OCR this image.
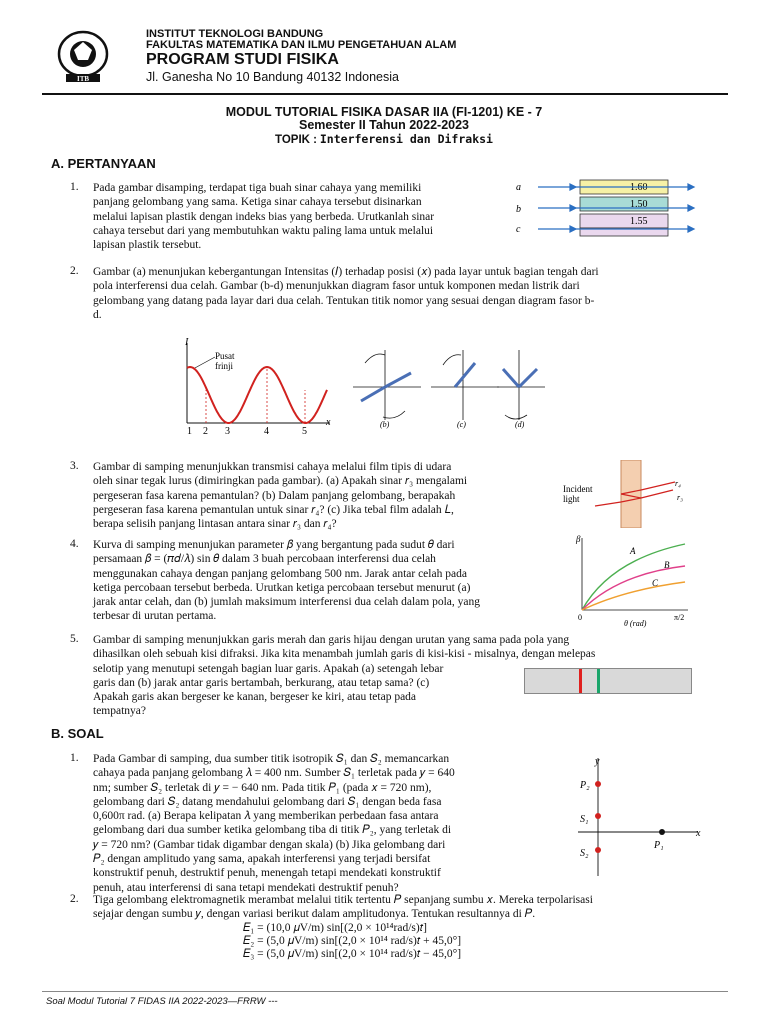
ITB
INSTITUT TEKNOLOGI BANDUNG
FAKULTAS MATEMATIKA DAN ILMU PENGETAHUAN ALAM
PROGRAM STUDI FISIKA
Jl. Ganesha No 10 Bandung 40132 Indonesia
MODUL TUTORIAL FISIKA DASAR IIA (FI-1201) KE - 7
Semester II Tahun 2022-2023
TOPIK : Interferensi dan Difraksi
A. PERTANYAAN
1. Pada gambar disamping, terdapat tiga buah sinar cahaya yang memiliki
panjang gelombang yang sama. Ketiga sinar cahaya tersebut disinarkan
melalui lapisan plastik dengan indeks bias yang berbeda. Urutkanlah sinar
cahaya tersebut dari yang membutuhkan waktu paling lama untuk melalui
lapisan plastik tersebut.
1.60
1.50
1.55
a
b
c
2. Gambar (a) menunjukan kebergantungan Intensitas (𝐼) terhadap posisi (𝑥) pada layar untuk bagian tengah dari
pola interferensi dua celah. Gambar (b-d) menunjukkan diagram fasor untuk komponen medan listrik dari
gelombang yang datang pada layar dari dua celah. Tentukan titik nomor yang sesuai dengan diagram fasor b-
d.
I
x
Pusat frinji
1 2 3	4	5
(b)	(c)	(d)
3. Gambar di samping menunjukkan transmisi cahaya melalui film tipis di udara
oleh sinar tegak lurus (dimiringkan pada gambar). (a) Apakah sinar 𝑟₃ mengalami
pergeseran fasa karena pemantulan? (b) Dalam panjang gelombang, berapakah
pergeseran fasa karena pemantulan untuk sinar 𝑟₄? (c) Jika tebal film adalah 𝐿,
berapa selisih panjang lintasan antara sinar 𝑟₃ dan 𝑟₄?
Incident light
r₄
r₃
4. Kurva di samping menunjukan parameter 𝛽 yang bergantung pada sudut 𝜃 dari
persamaan 𝛽 = (𝜋𝑑/𝜆) sin 𝜃 dalam 3 buah percobaan interferensi dua celah
menggunakan cahaya dengan panjang gelombang 500 nm. Jarak antar celah pada
ketiga percobaan tersebut berbeda. Urutkan ketiga percobaan tersebut menurut (a)
jarak antar celah, dan (b) jumlah maksimum interferensi dua celah dalam pola, yang
terbesar di urutan pertama.
β
0	π/2
θ (rad)
A
B
C
5. Gambar di samping menunjukkan garis merah dan garis hijau dengan urutan yang sama pada pola yang
dihasilkan oleh sebuah kisi difraksi. Jika kita menambah jumlah garis di kisi-kisi - misalnya, dengan melepas
selotip yang menutupi setengah bagian luar garis. Apakah (a) setengah lebar
garis dan (b) jarak antar garis bertambah, berkurang, atau tetap sama? (c)
Apakah garis akan bergeser ke kanan, bergeser ke kiri, atau tetap pada
tempatnya?
B. SOAL
1. Pada Gambar di samping, dua sumber titik isotropik 𝑆₁ dan 𝑆₂ memancarkan
cahaya pada panjang gelombang 𝜆 = 400 nm. Sumber 𝑆₁ terletak pada 𝑦 = 640
nm; sumber 𝑆₂ terletak di 𝑦 = − 640 nm. Pada titik 𝑃₁ (pada 𝑥 = 720 nm),
gelombang dari 𝑆₂ datang mendahului gelombang dari 𝑆₁ dengan beda fasa
0,600π rad. (a) Berapa kelipatan 𝜆 yang memberikan perbedaan fasa antara
gelombang dari dua sumber ketika gelombang tiba di titik 𝑃₂, yang terletak di
𝑦 = 720 nm? (Gambar tidak digambar dengan skala) (b) Jika gelombang dari
𝑃₂ dengan amplitudo yang sama, apakah interferensi yang terjadi bersifat
konstruktif penuh, destruktif penuh, menengah tetapi mendekati konstruktif
penuh, atau interferensi di sana tetapi mendekati destruktif penuh?
y
x
P₂
S₁
S₂
P₁
2. Tiga gelombang elektromagnetik merambat melalui titik tertentu 𝑃 sepanjang sumbu 𝑥. Mereka terpolarisasi
sejajar dengan sumbu 𝑦, dengan variasi berikut dalam amplitudonya. Tentukan resultannya di 𝑃.
𝐸₁ = (10,0 𝜇V/m) sin[(2,0 × 10¹⁴rad/s)𝑡]
𝐸₂ = (5,0 𝜇V/m) sin[(2,0 × 10¹⁴ rad/s)𝑡 + 45,0°]
𝐸₃ = (5,0 𝜇V/m) sin[(2,0 × 10¹⁴ rad/s)𝑡 − 45,0°]
Soal Modul Tutorial 7 FIDAS IIA 2022-2023—FRRW ---
